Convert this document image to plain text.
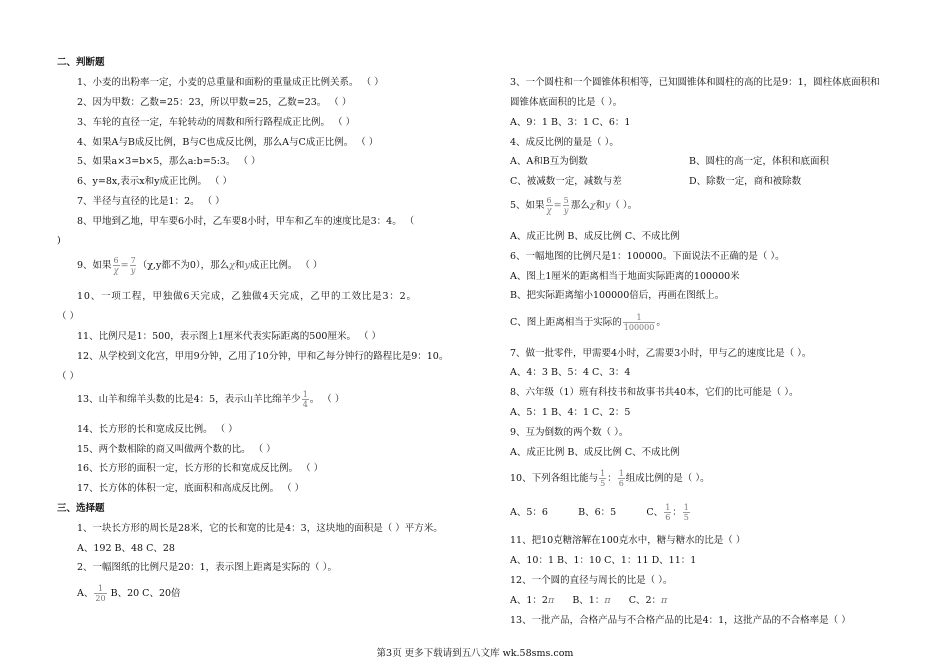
二、判断题
1、小麦的出粉率一定，小麦的总重量和面粉的重量成正比例关系。 （ ）
2、因为甲数：乙数=25：23，所以甲数=25，乙数=23。 （ ）
3、车轮的直径一定，车轮转动的周数和所行路程成正比例。 （ ）
4、如果A与B成反比例，B与C也成反比例，那么A与C成正比例。 （ ）
5、如果a×3=b×5，那么a:b=5:3。 （ ）
6、y=8x,表示x和y成正比例。 （ ）
7、半径与直径的比是1：2。 （ ）
8、甲地到乙地，甲车要6小时，乙车要8小时，甲车和乙车的速度比是3：4。 （
)
9、如果 $\frac{6}{\chi} = \frac{7}{y} (\chi,y$都不为0），那么χ和y成正比例。 （ ）
10、一项工程，甲独做6天完成，乙独做4天完成，乙甲的工效比是3：2。
（ ）
11、比例尺是1：500，表示图上1厘米代表实际距离的500厘米。 （ ）
12、从学校到文化宫，甲用9分钟，乙用了10分钟，甲和乙每分钟行的路程比是9：10。
（ ）
13、山羊和绵羊头数的比是4：5，表示山羊比绵羊少 $\frac{1}{4}$ 。 （ ）
14、长方形的长和宽成反比例。 （ ）
15、两个数相除的商又叫做两个数的比。 （ ）
16、长方形的面积一定，长方形的长和宽成反比例。 （ ）
17、长方体的体积一定，底面积和高成反比例。 （ ）
三、选择题
1、一块长方形的周长是28米，它的长和宽的比是4：3，这块地的面积是（ ）平方米。
A、192 B、48 C、28
2、一幅图纸的比例尺是20：1，表示图上距离是实际的（ ）。
A、 $\frac{1}{20}$ B、20 C、20倍
3、一个圆柱和一个圆锥体积相等，已知圆锥体和圆柱的高的比是9：1，圆柱体底面积和
圆锥体底面积的比是（ ）。
A、9：1 B、3：1 C、6：1
4、成反比例的量是（ ）。
A、A和B互为倒数	B、圆柱的高一定，体积和底面积
C、被减数一定，减数与差	D、除数一定，商和被除数
5、如果 $\frac{6}{\chi} = \frac{5}{y}$ 那么χ和y（ ）。
A、成正比例 B、成反比例 C、不成比例
6、一幅地图的比例尺是1：100000。下面说法不正确的是（ ）。
A、图上1厘米的距离相当于地面实际距离的100000米
B、把实际距离缩小100000倍后，再画在图纸上。
C、图上距离相当于实际的 $\frac{1}{100000}$ 。
7、做一批零件，甲需要4小时，乙需要3小时，甲与乙的速度比是（ ）。
A、4：3 B、5：4 C、3：4
8、六年级（1）班有科技书和故事书共40本，它们的比可能是（ ）。
A、5：1 B、4：1 C、2：5
9、互为倒数的两个数（ ）。
A、成正比例 B、成反比例 C、不成比例
10、下列各组比能与 $\frac{1}{5}$ ： $\frac{1}{6}$ 组成比例的是（ ）。
A、5：6          B、6：5          C、 $\frac{1}{6}$ ： $\frac{1}{5}$
11、把10克糖溶解在100克水中，糖与糖水的比是（ ）
A、10：1 B、1：10 C、1：11 D、11：1
12、一个圆的直径与周长的比是（ ）。
A、1：2π      B、1：π      C、2：π
13、一批产品，合格产品与不合格产品的比是4：1，这批产品的不合格率是（ ）
第3页 更多下载请到五八文库 wk.58sms.com
